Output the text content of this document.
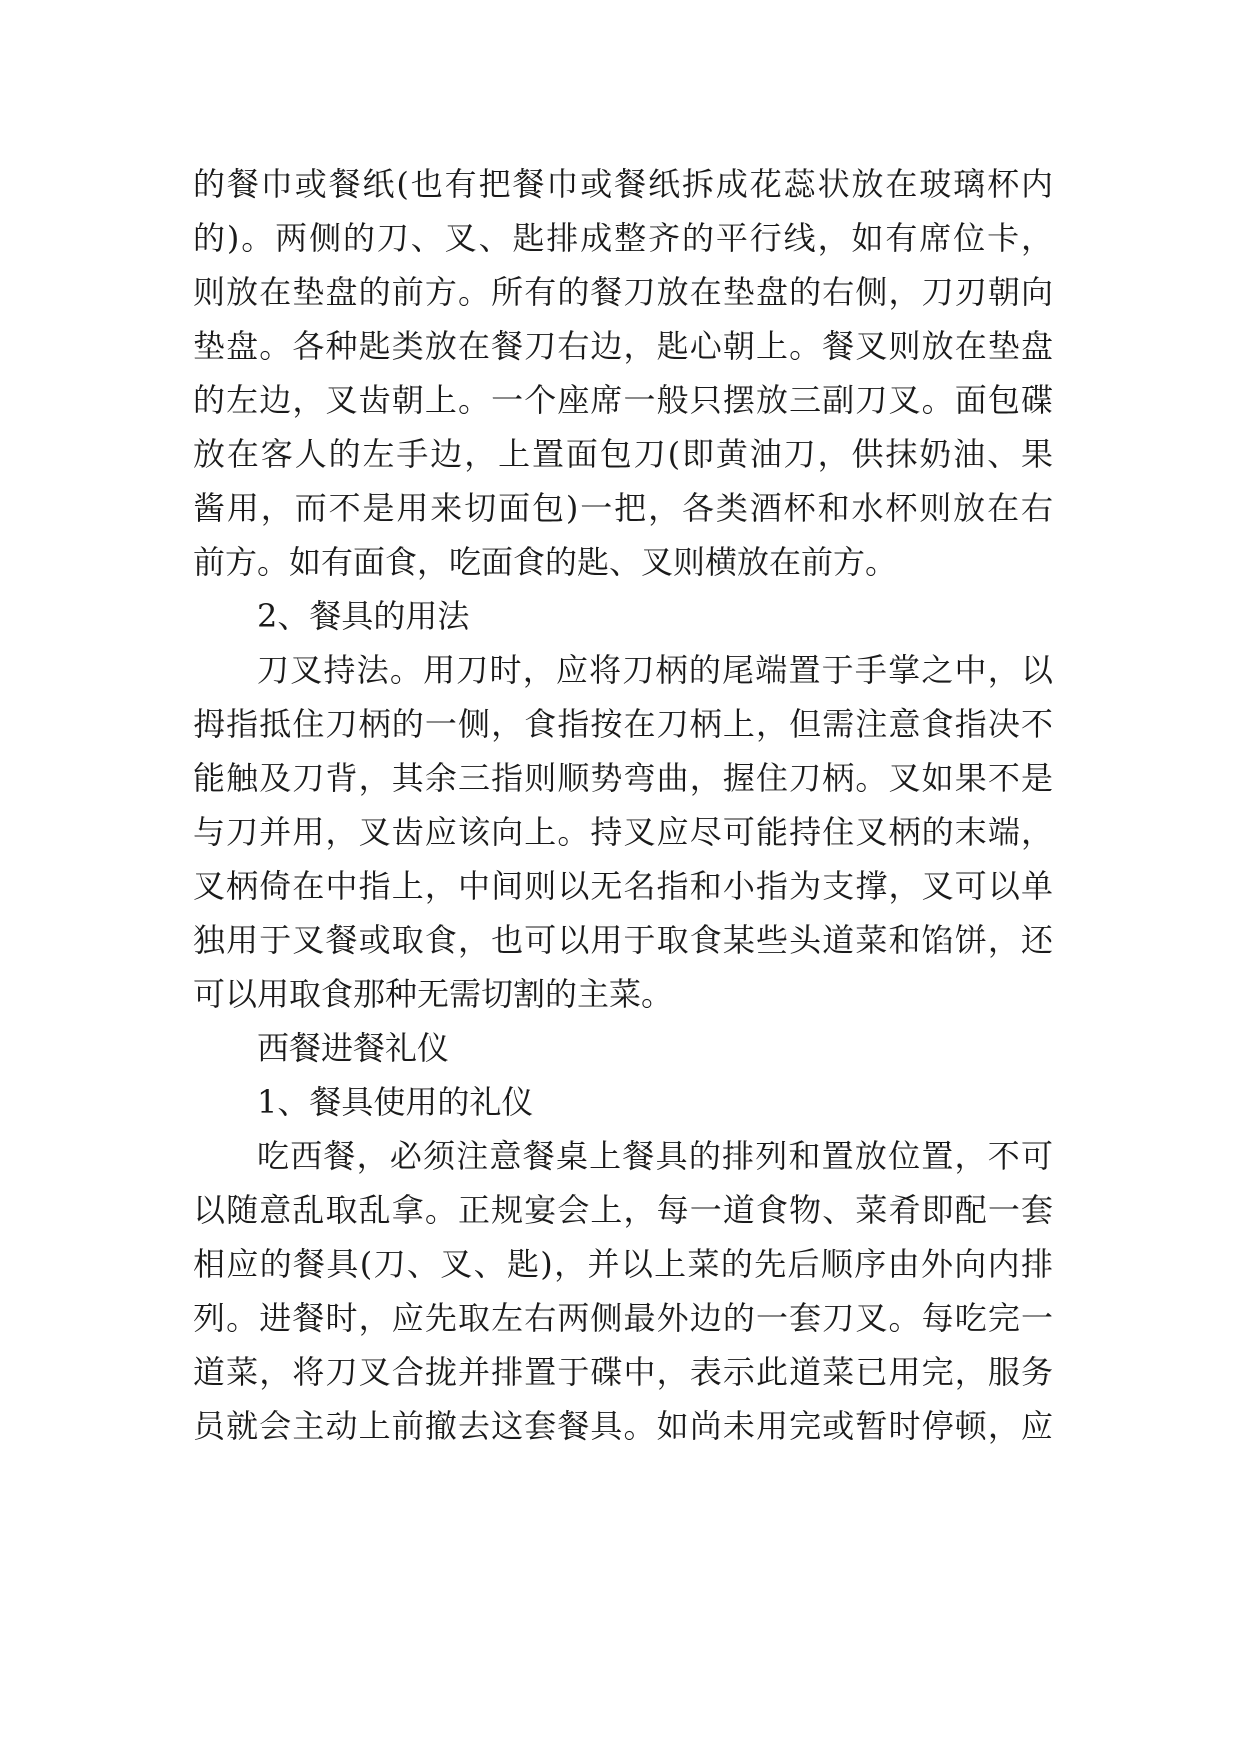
的餐巾或餐纸(也有把餐巾或餐纸拆成花蕊状放在玻璃杯内
的)。两侧的刀、叉、匙排成整齐的平行线，如有席位卡，
则放在垫盘的前方。所有的餐刀放在垫盘的右侧，刀刃朝向
垫盘。各种匙类放在餐刀右边，匙心朝上。餐叉则放在垫盘
的左边，叉齿朝上。一个座席一般只摆放三副刀叉。面包碟
放在客人的左手边，上置面包刀(即黄油刀，供抹奶油、果
酱用，而不是用来切面包)一把，各类酒杯和水杯则放在右
前方。如有面食，吃面食的匙、叉则横放在前方。
2、餐具的用法
刀叉持法。用刀时，应将刀柄的尾端置于手掌之中，以
拇指抵住刀柄的一侧，食指按在刀柄上，但需注意食指决不
能触及刀背，其余三指则顺势弯曲，握住刀柄。叉如果不是
与刀并用，叉齿应该向上。持叉应尽可能持住叉柄的末端，
叉柄倚在中指上，中间则以无名指和小指为支撑，叉可以单
独用于叉餐或取食，也可以用于取食某些头道菜和馅饼，还
可以用取食那种无需切割的主菜。
西餐进餐礼仪
1、餐具使用的礼仪
吃西餐，必须注意餐桌上餐具的排列和置放位置，不可
以随意乱取乱拿。正规宴会上，每一道食物、菜肴即配一套
相应的餐具(刀、叉、匙)，并以上菜的先后顺序由外向内排
列。进餐时，应先取左右两侧最外边的一套刀叉。每吃完一
道菜，将刀叉合拢并排置于碟中，表示此道菜已用完，服务
员就会主动上前撤去这套餐具。如尚未用完或暂时停顿，应
